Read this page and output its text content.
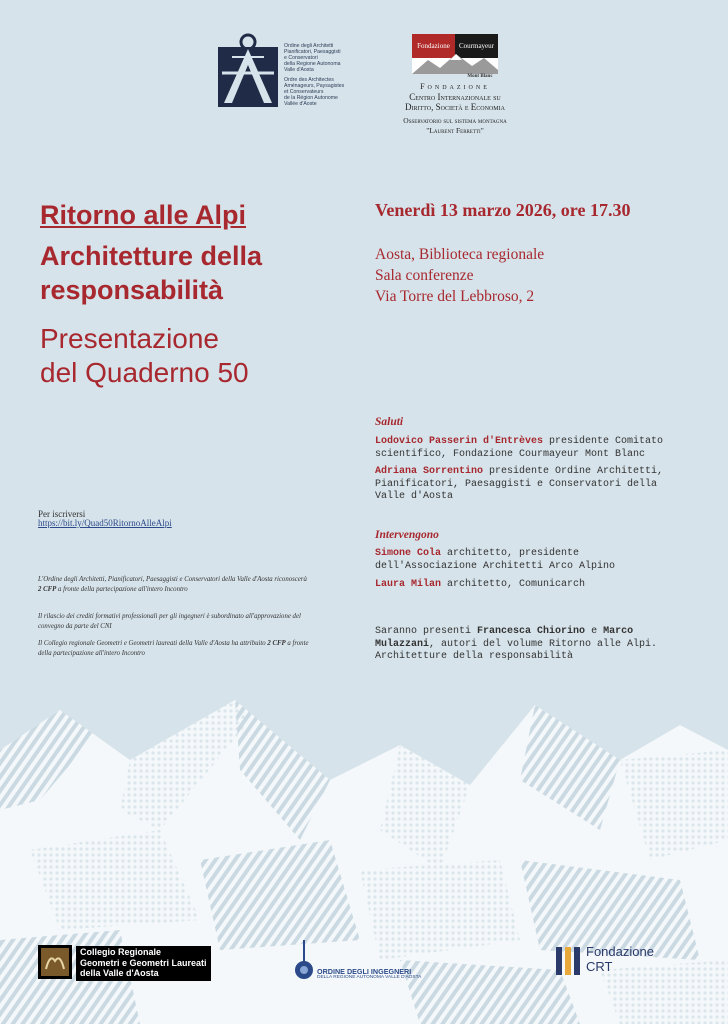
Ordine degli Architetti
Pianificatori, Paesaggisti
e Conservatori
della Regione Autonoma
Valle d'Aosta
Ordre des Architectes
Aménageurs, Paysagistes
et Conservateurs
de la Région Autonome
Vallée d'Aoste
Fondazione	Courmayeur
Mont Blanc
Fondazione
Centro Internazionale su
Diritto, Società e Economia
Osservatorio sul sistema montagna
"Laurent Ferretti"
Ritorno alle Alpi
Architetture della
responsabilità
Presentazione
del Quaderno 50
Venerdì 13 marzo 2026, ore 17.30
Aosta, Biblioteca regionale
Sala conferenze
Via Torre del Lebbroso, 2
Saluti
Lodovico Passerin d'Entrèves presidente Comitato scientifico, Fondazione Courmayeur Mont Blanc
Adriana Sorrentino presidente Ordine Architetti, Pianificatori, Paesaggisti e Conservatori della Valle d'Aosta
Intervengono
Simone Cola architetto, presidente dell'Associazione Architetti Arco Alpino
Laura Milan architetto, Comunicarch
Saranno presenti Francesca Chiorino e Marco Mulazzani, autori del volume Ritorno alle Alpi. Architetture della responsabilità
Per iscriversi
https://bit.ly/Quad50RitornoAlleAlpi
L'Ordine degli Architetti, Pianificatori, Paesaggisti e Conservatori della Valle d'Aosta riconoscerà 2 CFP a fronte della partecipazione all'intero Incontro
Il rilascio dei crediti formativi professionali per gli ingegneri è subordinato all'approvazione del convegno da parte del CNI
Il Collegio regionale Geometri e Geometri laureati della Valle d'Aosta ha attribuito 2 CFP a fronte della partecipazione all'intero Incontro
Collegio Regionale
Geometri e Geometri Laureati
della Valle d'Aosta	ORDINE DEGLI INGEGNERI
DELLA REGIONE AUTONOMA VALLE D'AOSTA
Fondazione
CRT
